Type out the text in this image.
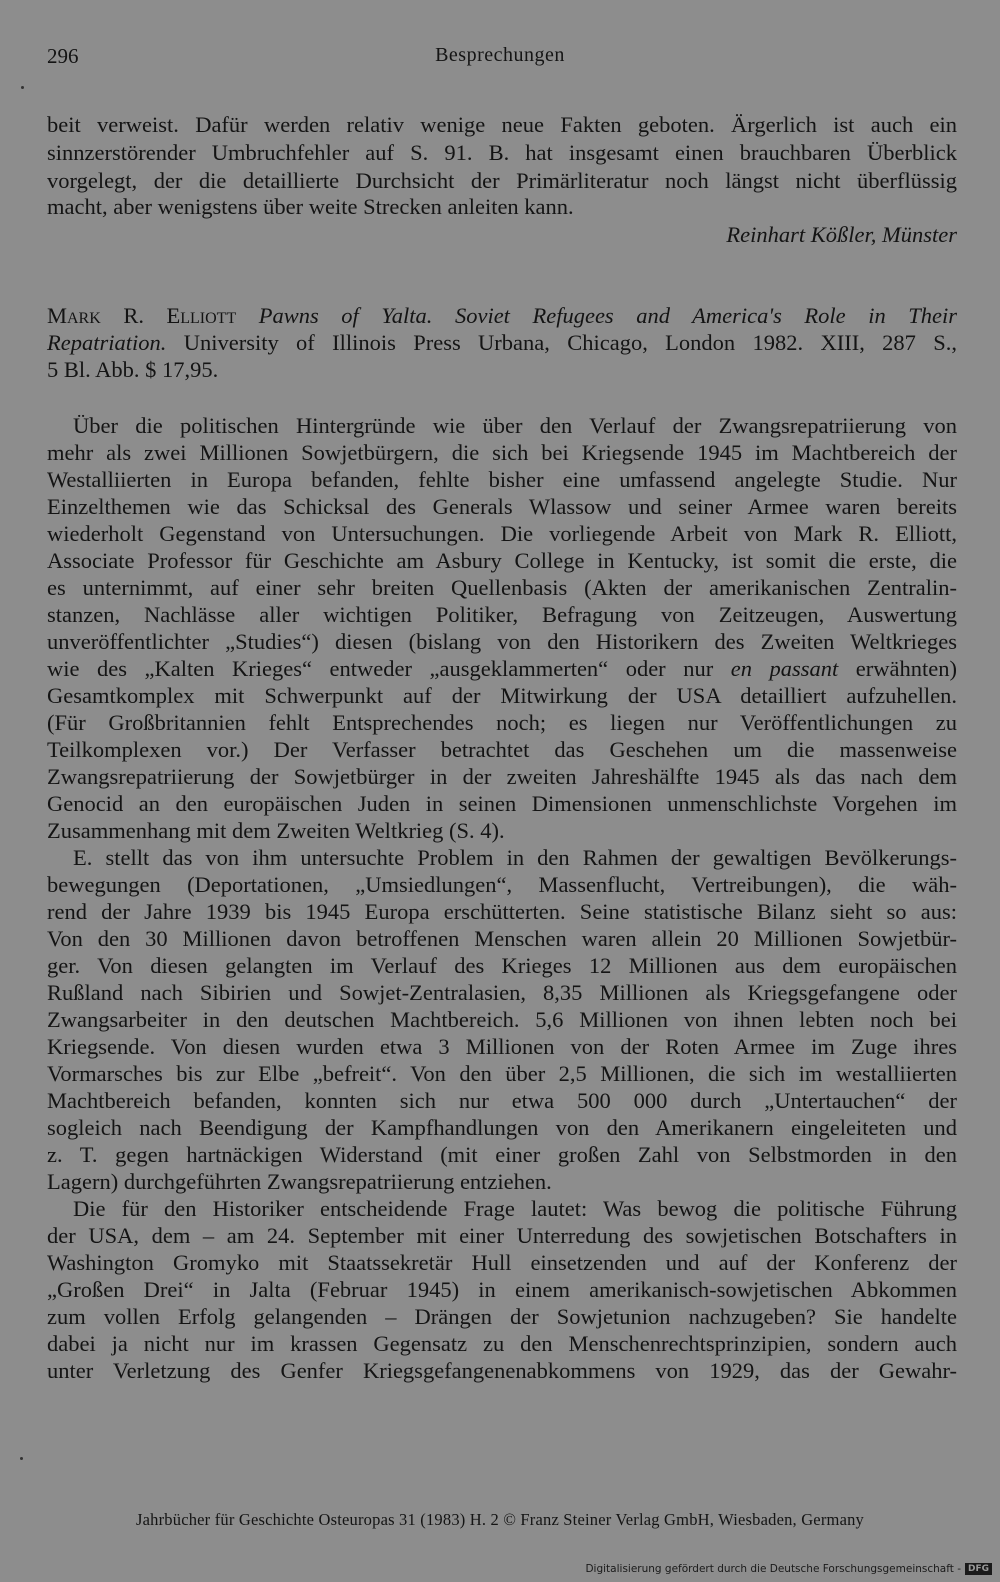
296	Besprechungen
beit verweist. Dafür werden relativ wenige neue Fakten geboten. Ärgerlich ist auch ein
sinnzerstörender Umbruchfehler auf S. 91. B. hat insgesamt einen brauchbaren Überblick
vorgelegt, der die detaillierte Durchsicht der Primärliteratur noch längst nicht überflüssig
macht, aber wenigstens über weite Strecken anleiten kann.
Reinhart Kößler, Münster
Mark R. Elliott Pawns of Yalta. Soviet Refugees and America's Role in Their
Repatriation. University of Illinois Press Urbana, Chicago, London 1982. XIII, 287 S.,
5 Bl. Abb. $ 17,95.
Über die politischen Hintergründe wie über den Verlauf der Zwangsrepatriierung von
mehr als zwei Millionen Sowjetbürgern, die sich bei Kriegsende 1945 im Machtbereich der
Westalliierten in Europa befanden, fehlte bisher eine umfassend angelegte Studie. Nur
Einzelthemen wie das Schicksal des Generals Wlassow und seiner Armee waren bereits
wiederholt Gegenstand von Untersuchungen. Die vorliegende Arbeit von Mark R. Elliott,
Associate Professor für Geschichte am Asbury College in Kentucky, ist somit die erste, die
es unternimmt, auf einer sehr breiten Quellenbasis (Akten der amerikanischen Zentralin-
stanzen, Nachlässe aller wichtigen Politiker, Befragung von Zeitzeugen, Auswertung
unveröffentlichter „Studies“) diesen (bislang von den Historikern des Zweiten Weltkrieges
wie des „Kalten Krieges“ entweder „ausgeklammerten“ oder nur en passant erwähnten)
Gesamtkomplex mit Schwerpunkt auf der Mitwirkung der USA detailliert aufzuhellen.
(Für Großbritannien fehlt Entsprechendes noch; es liegen nur Veröffentlichungen zu
Teilkomplexen vor.) Der Verfasser betrachtet das Geschehen um die massenweise
Zwangsrepatriierung der Sowjetbürger in der zweiten Jahreshälfte 1945 als das nach dem
Genocid an den europäischen Juden in seinen Dimensionen unmenschlichste Vorgehen im
Zusammenhang mit dem Zweiten Weltkrieg (S. 4).
E. stellt das von ihm untersuchte Problem in den Rahmen der gewaltigen Bevölkerungs-
bewegungen (Deportationen, „Umsiedlungen“, Massenflucht, Vertreibungen), die wäh-
rend der Jahre 1939 bis 1945 Europa erschütterten. Seine statistische Bilanz sieht so aus:
Von den 30 Millionen davon betroffenen Menschen waren allein 20 Millionen Sowjetbür-
ger. Von diesen gelangten im Verlauf des Krieges 12 Millionen aus dem europäischen
Rußland nach Sibirien und Sowjet-Zentralasien, 8,35 Millionen als Kriegsgefangene oder
Zwangsarbeiter in den deutschen Machtbereich. 5,6 Millionen von ihnen lebten noch bei
Kriegsende. Von diesen wurden etwa 3 Millionen von der Roten Armee im Zuge ihres
Vormarsches bis zur Elbe „befreit“. Von den über 2,5 Millionen, die sich im westalliierten
Machtbereich befanden, konnten sich nur etwa 500 000 durch „Untertauchen“ der
sogleich nach Beendigung der Kampfhandlungen von den Amerikanern eingeleiteten und
z. T. gegen hartnäckigen Widerstand (mit einer großen Zahl von Selbstmorden in den
Lagern) durchgeführten Zwangsrepatriierung entziehen.
Die für den Historiker entscheidende Frage lautet: Was bewog die politische Führung
der USA, dem – am 24. September mit einer Unterredung des sowjetischen Botschafters in
Washington Gromyko mit Staatssekretär Hull einsetzenden und auf der Konferenz der
„Großen Drei“ in Jalta (Februar 1945) in einem amerikanisch-sowjetischen Abkommen
zum vollen Erfolg gelangenden – Drängen der Sowjetunion nachzugeben? Sie handelte
dabei ja nicht nur im krassen Gegensatz zu den Menschenrechtsprinzipien, sondern auch
unter Verletzung des Genfer Kriegsgefangenenabkommens von 1929, das der Gewahr-
Jahrbücher für Geschichte Osteuropas 31 (1983) H. 2 © Franz Steiner Verlag GmbH, Wiesbaden, Germany
Digitalisierung gefördert durch die Deutsche Forschungsgemeinschaft - DFG
